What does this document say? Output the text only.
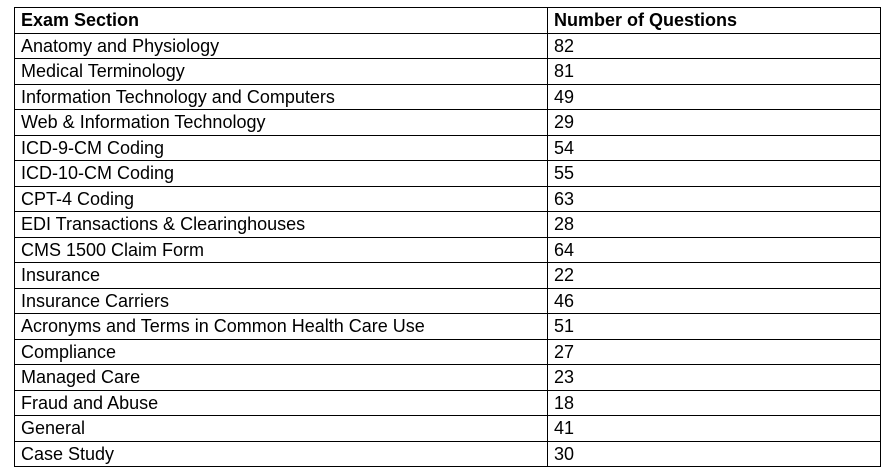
Exam Section	Number of Questions
Anatomy and Physiology	82
Medical Terminology	81
Information Technology and Computers	49
Web & Information Technology	29
ICD-9-CM Coding	54
ICD-10-CM Coding	55
CPT-4 Coding	63
EDI Transactions & Clearinghouses	28
CMS 1500 Claim Form	64
Insurance	22
Insurance Carriers	46
Acronyms and Terms in Common Health Care Use	51
Compliance	27
Managed Care	23
Fraud and Abuse	18
General	41
Case Study	30
